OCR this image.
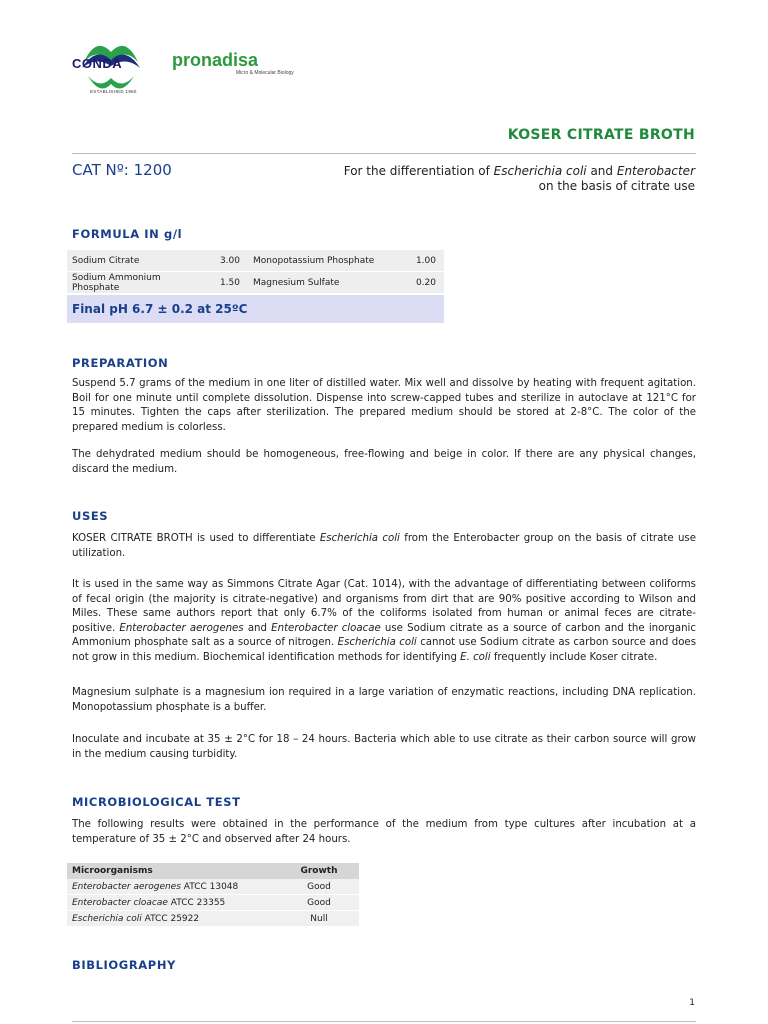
CONDA
ESTABLISHED 1960
pronadisa
Micro & Molecular Biology
KOSER CITRATE BROTH
CAT Nº: 1200	For the differentiation of Escherichia coli and Enterobacter
on the basis of citrate use
FORMULA IN g/l
Sodium Citrate	3.00	Monopotassium Phosphate	1.00
Sodium Ammonium Phosphate	1.50	Magnesium Sulfate	0.20
Final pH 6.7 ± 0.2 at 25ºC
PREPARATION

Suspend 5.7 grams of the medium in one liter of distilled water. Mix well and dissolve by heating with frequent agitation. Boil for one minute until complete dissolution. Dispense into screw-capped tubes and sterilize in autoclave at 121°C for 15 minutes. Tighten the caps after sterilization. The prepared medium should be stored at 2-8°C. The color of the prepared medium is colorless.

The dehydrated medium should be homogeneous, free-flowing and beige in color. If there are any physical changes, discard the medium.

USES

KOSER CITRATE BROTH is used to differentiate Escherichia coli from the Enterobacter group on the basis of citrate use utilization.

It is used in the same way as Simmons Citrate Agar (Cat. 1014), with the advantage of differentiating between coliforms of fecal origin (the majority is citrate-negative) and organisms from dirt that are 90% positive according to Wilson and Miles. These same authors report that only 6.7% of the coliforms isolated from human or animal feces are citrate-positive. Enterobacter aerogenes and Enterobacter cloacae use Sodium citrate as a source of carbon and the inorganic Ammonium phosphate salt as a source of nitrogen. Escherichia coli cannot use Sodium citrate as carbon source and does not grow in this medium. Biochemical identification methods for identifying E. coli frequently include Koser citrate.

Magnesium sulphate is a magnesium ion required in a large variation of enzymatic reactions, including DNA replication. Monopotassium phosphate is a buffer.

Inoculate and incubate at 35 ± 2°C for 18 – 24 hours. Bacteria which able to use citrate as their carbon source will grow in the medium causing turbidity.

MICROBIOLOGICAL TEST

The following results were obtained in the performance of the medium from type cultures after incubation at a temperature of 35 ± 2°C and observed after 24 hours.

Microorganisms	Growth
Enterobacter aerogenes ATCC 13048	Good
Enterobacter cloacae ATCC 23355	Good
Escherichia coli ATCC 25922	Null
BIBLIOGRAPHY
1
